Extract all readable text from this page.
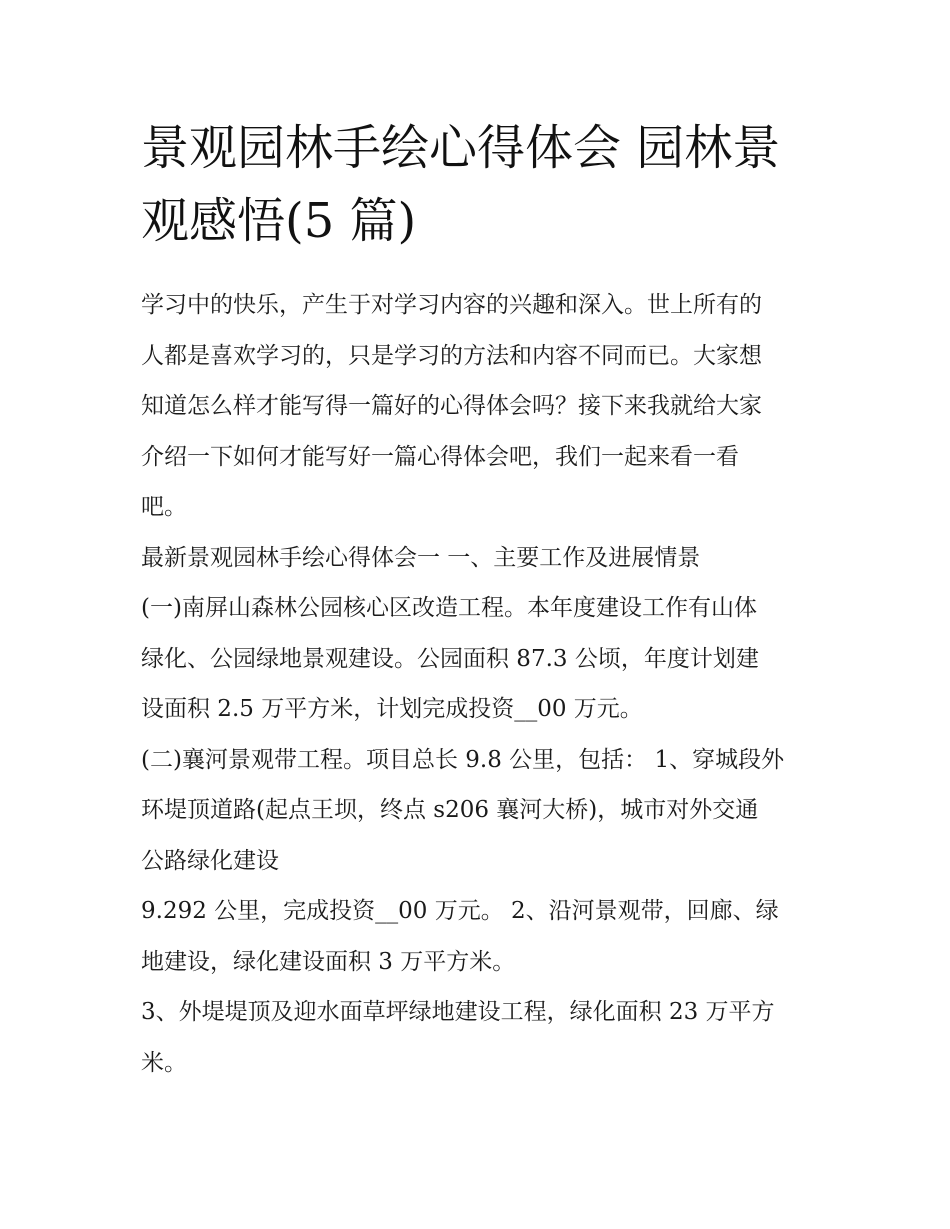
景观园林手绘心得体会 园林景
观感悟(5 篇)

学习中的快乐，产生于对学习内容的兴趣和深入。世上所有的
人都是喜欢学习的，只是学习的方法和内容不同而已。大家想
知道怎么样才能写得一篇好的心得体会吗？接下来我就给大家
介绍一下如何才能写好一篇心得体会吧，我们一起来看一看
吧。

最新景观园林手绘心得体会一 一、主要工作及进展情景

(一)南屏山森林公园核心区改造工程。本年度建设工作有山体
绿化、公园绿地景观建设。公园面积 87.3 公顷，年度计划建
设面积 2.5 万平方米，计划完成投资__00 万元。

(二)襄河景观带工程。项目总长 9.8 公里，包括： 1、穿城段外
环堤顶道路(起点王坝，终点 s206 襄河大桥)，城市对外交通
公路绿化建设

9.292 公里，完成投资__00 万元。 2、沿河景观带，回廊、绿
地建设，绿化建设面积 3 万平方米。

3、外堤堤顶及迎水面草坪绿地建设工程，绿化面积 23 万平方
米。
